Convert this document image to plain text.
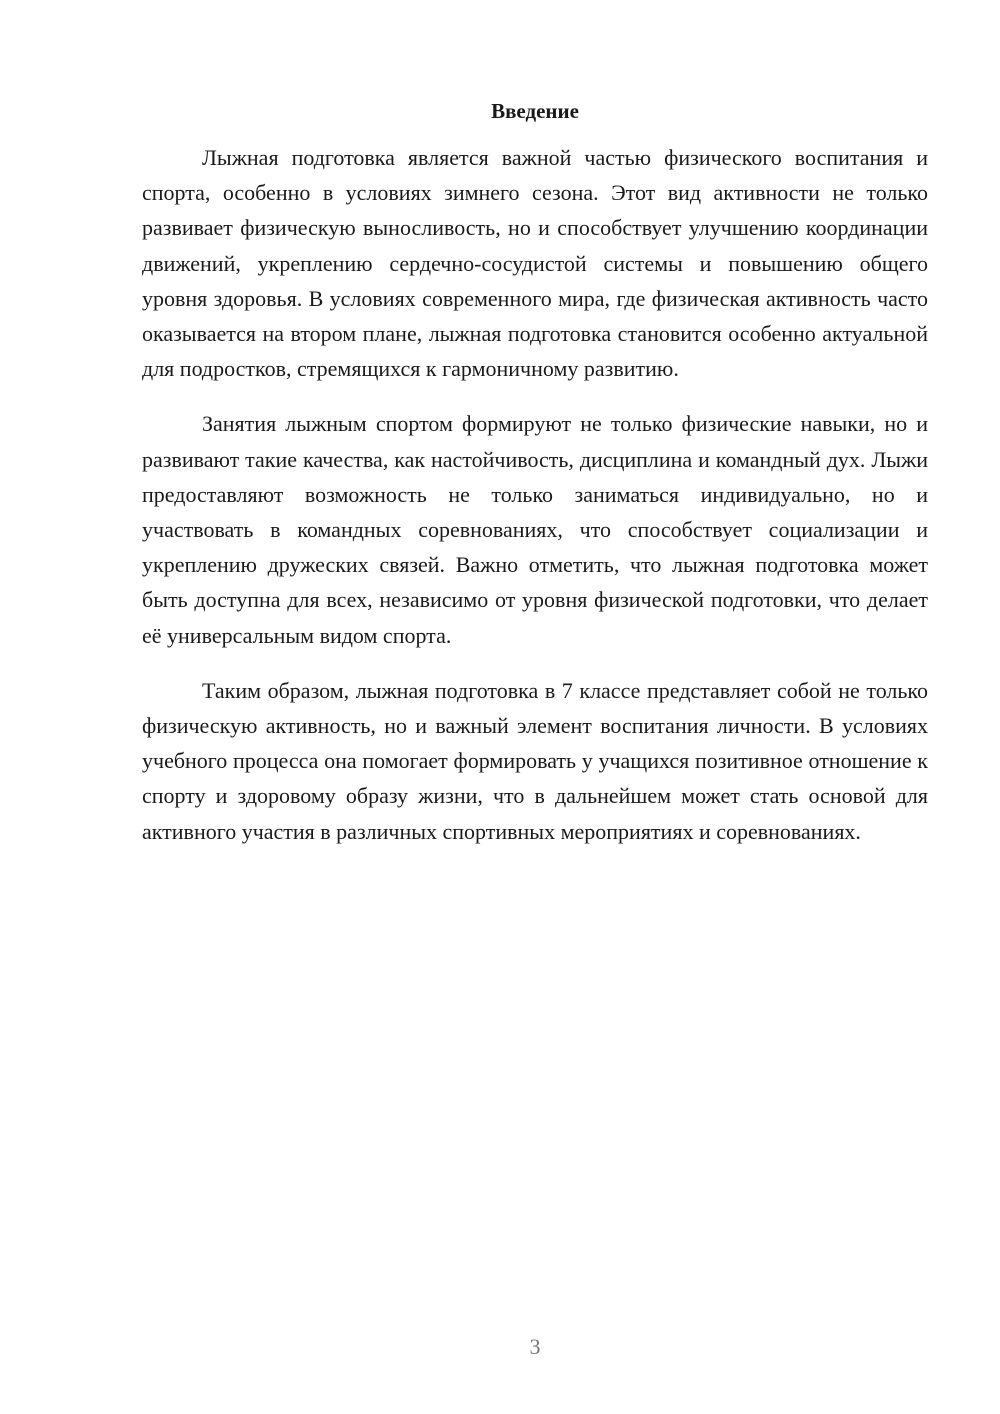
Введение

Лыжная подготовка является важной частью физического воспитания и спорта, особенно в условиях зимнего сезона. Этот вид активности не только развивает физическую выносливость, но и способствует улучшению координации движений, укреплению сердечно-сосудистой системы и повышению общего уровня здоровья. В условиях современного мира, где физическая активность часто оказывается на втором плане, лыжная подготовка становится особенно актуальной для подростков, стремящихся к гармоничному развитию.

Занятия лыжным спортом формируют не только физические навыки, но и развивают такие качества, как настойчивость, дисциплина и командный дух. Лыжи предоставляют возможность не только заниматься индивидуально, но и участвовать в командных соревнованиях, что способствует социализации и укреплению дружеских связей. Важно отметить, что лыжная подготовка может быть доступна для всех, независимо от уровня физической подготовки, что делает её универсальным видом спорта.

Таким образом, лыжная подготовка в 7 классе представляет собой не только физическую активность, но и важный элемент воспитания личности. В условиях учебного процесса она помогает формировать у учащихся позитивное отношение к спорту и здоровому образу жизни, что в дальнейшем может стать основой для активного участия в различных спортивных мероприятиях и соревнованиях.

3
